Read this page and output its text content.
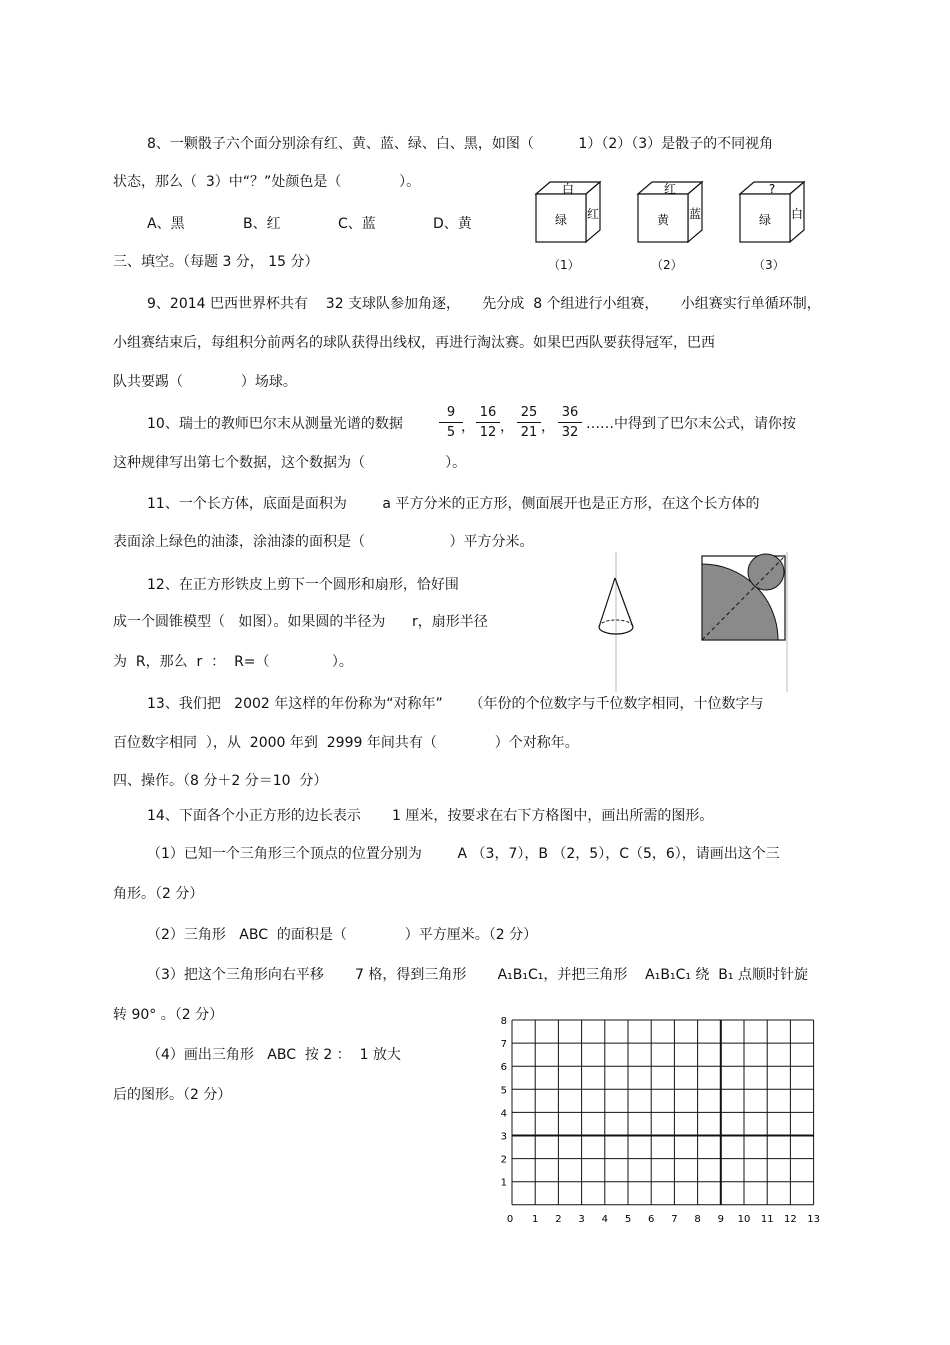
8、一颗骰子六个面分别涂有红、黄、蓝、绿、白、黑，如图（          1）（2）（3）是骰子的不同视角
状态，那么（  3）中“？”处颜色是（             ）。
A、黑	B、红	C、蓝	D、黄
白
绿 红
（1）
红
黄 蓝
（2）
?
绿 白
（3）
三、填空。（每题 3 分， 15 分）
9、2014 巴西世界杯共有    32 支球队参加角逐，     先分成  8 个组进行小组赛，     小组赛实行单循环制，
小组赛结束后，每组积分前两名的球队获得出线权，再进行淘汰赛。如果巴西队要获得冠军，巴西
队共要踢（             ）场球。
10、瑞士的教师巴尔末从测量光谱的数据
9
5 ，
16
12 ，
25
21 ，
36
32
……中得到了巴尔末公式，请你按
这种规律写出第七个数据，这个数据为（                  ）。
11、一个长方体，底面是面积为        a 平方分米的正方形，侧面展开也是正方形，在这个长方体的
表面涂上绿色的油漆，涂油漆的面积是（                   ）平方分米。
12、在正方形铁皮上剪下一个圆形和扇形，恰好围
成一个圆锥模型（   如图）。如果圆的半径为      r，扇形半径
为  R，那么  r  ：  R=（              ）。
13、我们把   2002 年这样的年份称为“对称年”      （年份的个位数字与千位数字相同，十位数字与
百位数字相同  ），从  2000 年到  2999 年间共有（             ）个对称年。
四、操作。（8 分＋2 分＝10  分）
14、下面各个小正方形的边长表示       1 厘米，按要求在右下方格图中，画出所需的图形。
（1）已知一个三角形三个顶点的位置分别为        A （3，7），B （2，5），C（5，6），请画出这个三
角形。（2 分）
（2）三角形   ABC  的面积是（             ）平方厘米。（2 分）
（3）把这个三角形向右平移       7 格，得到三角形       A₁B₁C₁，并把三角形    A₁B₁C₁ 绕  B₁ 点顺时针旋
转 90° 。（2 分）
（4）画出三角形   ABC  按 2 ：  1 放大
后的图形。（2 分）
8
7
6
5
4
3
2
1
0 1 2 3 4 5 6 7 8 9 10 11 12 13
